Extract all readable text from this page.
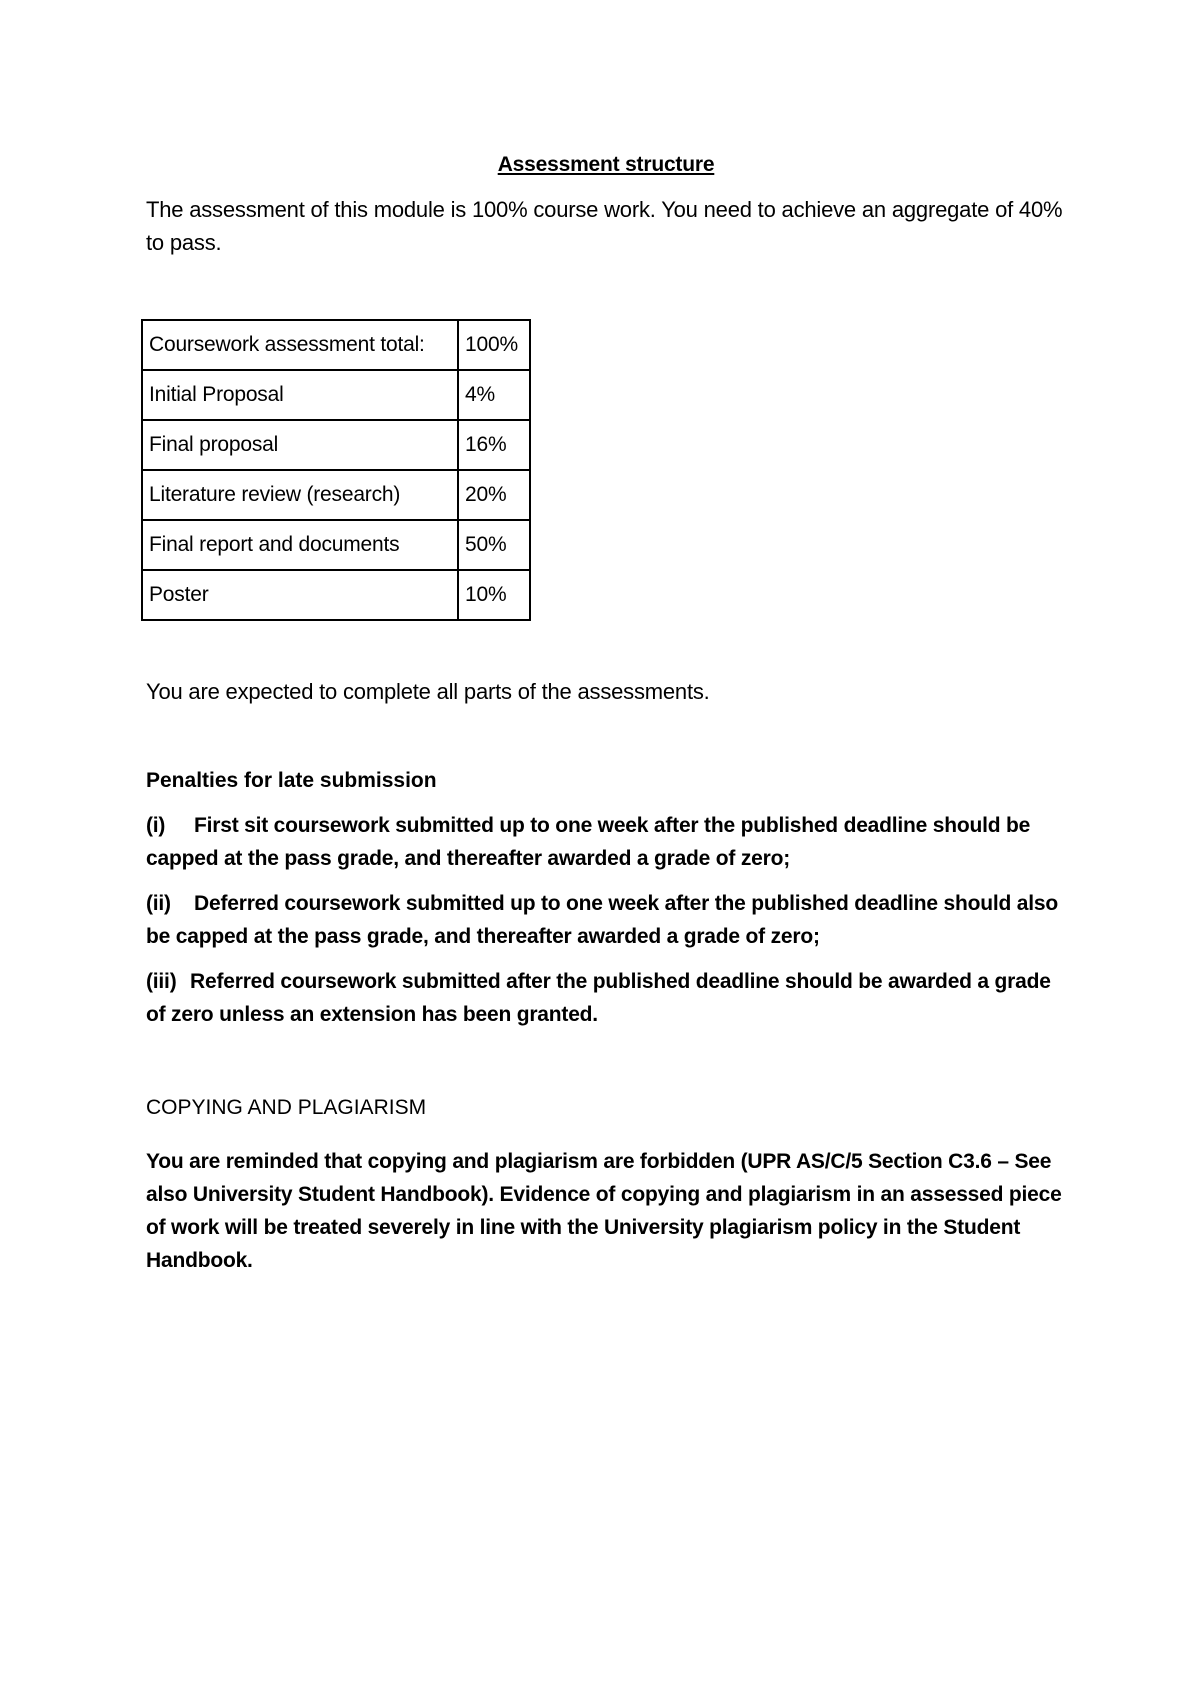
Assessment structure

The assessment of this module is 100% course work. You need to achieve an aggregate of 40% to pass.

Coursework assessment total:	100%
Initial Proposal	4%
Final proposal	16%
Literature review (research)	20%
Final report and documents	50%
Poster	10%

You are expected to complete all parts of the assessments.

Penalties for late submission

(i) First sit coursework submitted up to one week after the published deadline should be capped at the pass grade, and thereafter awarded a grade of zero;

(ii) Deferred coursework submitted up to one week after the published deadline should also be capped at the pass grade, and thereafter awarded a grade of zero;

(iii) Referred coursework submitted after the published deadline should be awarded a grade of zero unless an extension has been granted.

COPYING AND PLAGIARISM

You are reminded that copying and plagiarism are forbidden (UPR AS/C/5 Section C3.6 – See also University Student Handbook). Evidence of copying and plagiarism in an assessed piece of work will be treated severely in line with the University plagiarism policy in the Student Handbook.
